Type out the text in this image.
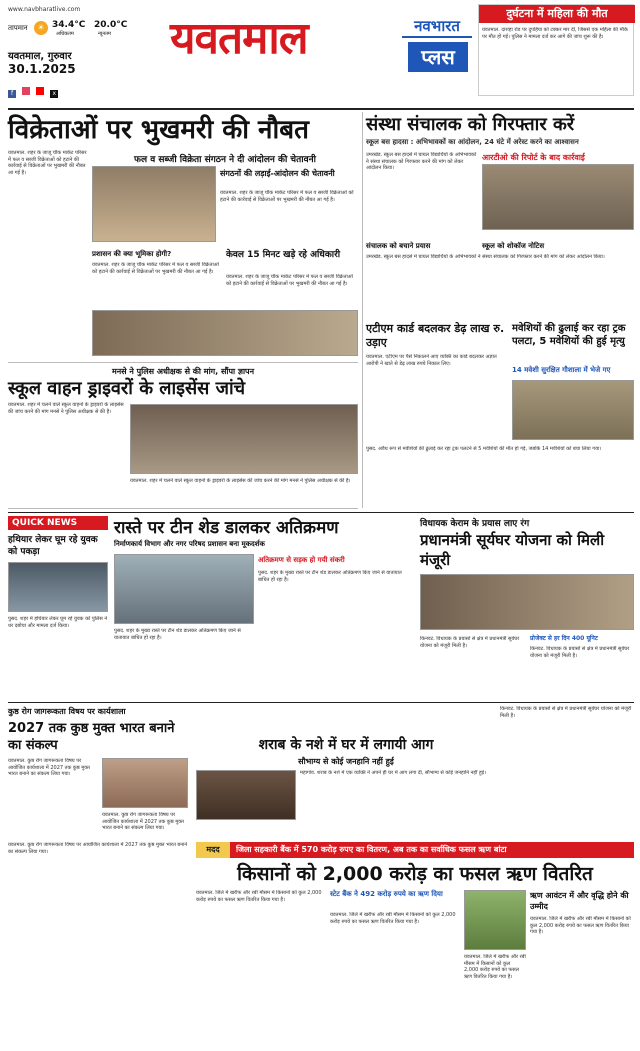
www.navbharatlive.com
तापमान	☀ 34.4°C
अधिकतम
20.0°C
न्यूनतम
यवतमाल, गुरुवार
30.1.2025
f	x
यवतमाल	नवभारत
प्लस
दुर्घटना में महिला की मौत
यवतमाल. दारव्हा रोड पर दुपहिया को टक्कर मार दी, जिससे एक महिला की मौके पर मौत हो गई। पुलिस ने मामला दर्ज कर आगे की जांच शुरू की है।
विक्रेताओं पर भुखमरी की नौबत
यवतमाल. शहर के जाजू चौक मार्केट परिसर में फल व सब्जी विक्रेताओं को हटाने की कार्रवाई से विक्रेताओं पर भुखमरी की नौबत आ गई है।
फल व सब्जी विक्रेता संगठन ने दी आंदोलन की चेतावनी
संगठनों की लड़ाई-आंदोलन की चेतावनी
यवतमाल. शहर के जाजू चौक मार्केट परिसर में फल व सब्जी विक्रेताओं को हटाने की कार्रवाई से विक्रेताओं पर भुखमरी की नौबत आ गई है।
प्रशासन की क्या भूमिका होगी?
यवतमाल. शहर के जाजू चौक मार्केट परिसर में फल व सब्जी विक्रेताओं को हटाने की कार्रवाई से विक्रेताओं पर भुखमरी की नौबत आ गई है।
केवल 15 मिनट खड़े रहे अधिकारी
यवतमाल. शहर के जाजू चौक मार्केट परिसर में फल व सब्जी विक्रेताओं को हटाने की कार्रवाई से विक्रेताओं पर भुखमरी की नौबत आ गई है।
मनसे ने पुलिस अधीक्षक से की मांग, सौंपा ज्ञापन
स्कूल वाहन ड्राइवरों के लाइसेंस जांचे
यवतमाल. शहर में चलने वाले स्कूल वाहनों के ड्राइवरों के लाइसेंस की जांच करने की मांग मनसे ने पुलिस अधीक्षक से की है।
यवतमाल. शहर में चलने वाले स्कूल वाहनों के ड्राइवरों के लाइसेंस की जांच करने की मांग मनसे ने पुलिस अधीक्षक से की है।
संस्था संचालक को गिरफ्तार करें
स्कूल बस हादसा : अभिभावकों का आंदोलन, 24 घंटे में अरेस्ट करने का आश्वासन
उमरखेड. स्कूल बस हादसे में घायल विद्यार्थियों के अभिभावकों ने संस्था संचालक को गिरफ्तार करने की मांग को लेकर आंदोलन किया।
आरटीओ की रिपोर्ट के बाद कार्रवाई
संचालक को बचाने प्रयास	स्कूल को शोकॉज नोटिस
उमरखेड. स्कूल बस हादसे में घायल विद्यार्थियों के अभिभावकों ने संस्था संचालक को गिरफ्तार करने की मांग को लेकर आंदोलन किया।
एटीएम कार्ड बदलकर डेढ़ लाख रु. उड़ाए
यवतमाल. एटीएम पर पैसे निकालने आए व्यक्ति का कार्ड बदलकर अज्ञात आरोपी ने खाते से डेढ़ लाख रुपये निकाल लिए।
मवेशियों की ढुलाई कर रहा ट्रक पलटा, 5 मवेशियों की हुई मृत्यु
14 मवेशी सुरक्षित गौशाला में भेजे गए
पुसद. अवैध रूप से मवेशियों की ढुलाई कर रहा ट्रक पलटने से 5 मवेशियों की मौत हो गई, जबकि 14 मवेशियों को बचा लिया गया।
QUICK NEWS
हथियार लेकर घूम रहे युवक को पकड़ा
पुसद. शहर में हथियार लेकर घूम रहे युवक को पुलिस ने धर दबोचा और मामला दर्ज किया।
रास्ते पर टीन शेड डालकर अतिक्रमण
निर्माणकार्य विभाग और नगर परिषद प्रशासन बना मूकदर्शक
अतिक्रमण से सड़क हो गयी संकरी
पुसद. शहर के मुख्य रास्ते पर टीन शेड डालकर अतिक्रमण किए जाने से यातायात बाधित हो रहा है।
पुसद. शहर के मुख्य रास्ते पर टीन शेड डालकर अतिक्रमण किए जाने से यातायात बाधित हो रहा है।
विधायक केराम के प्रयास लाए रंग
प्रधानमंत्री सूर्यघर योजना को मिली मंजूरी
प्रोजेक्ट से हर दिन 400 यूनिट
किनवट. विधायक के प्रयासों से क्षेत्र में प्रधानमंत्री सूर्यघर योजना को मंजूरी मिली है।
किनवट. विधायक के प्रयासों से क्षेत्र में प्रधानमंत्री सूर्यघर योजना को मंजूरी मिली है।
कुष्ठ रोग जागरूकता विषय पर कार्यशाला
2027 तक कुष्ठ मुक्त भारत बनाने का संकल्प
यवतमाल. कुष्ठ रोग जागरूकता विषय पर आयोजित कार्यशाला में 2027 तक कुष्ठ मुक्त भारत बनाने का संकल्प लिया गया।
यवतमाल. कुष्ठ रोग जागरूकता विषय पर आयोजित कार्यशाला में 2027 तक कुष्ठ मुक्त भारत बनाने का संकल्प लिया गया।
शराब के नशे में घर में लगायी आग
सौभाग्य से कोई जनहानि नहीं हुई
महागांव. शराब के नशे में एक व्यक्ति ने अपने ही घर में आग लगा दी, सौभाग्य से कोई जनहानि नहीं हुई।
किनवट. विधायक के प्रयासों से क्षेत्र में प्रधानमंत्री सूर्यघर योजना को मंजूरी मिली है।
मदद	जिला सहकारी बैंक में 570 करोड़ रुपए का वितरण, अब तक का सर्वाधिक फसल ऋण बांटा
किसानों को 2,000 करोड़ का फसल ऋण वितरित
यवतमाल. कुष्ठ रोग जागरूकता विषय पर आयोजित कार्यशाला में 2027 तक कुष्ठ मुक्त भारत बनाने का संकल्प लिया गया।
यवतमाल. जिले में खरीफ और रबी मौसम में किसानों को कुल 2,000 करोड़ रुपये का फसल ऋण वितरित किया गया है।
स्टेट बैंक ने 492 करोड़ रुपये का ऋण दिया
यवतमाल. जिले में खरीफ और रबी मौसम में किसानों को कुल 2,000 करोड़ रुपये का फसल ऋण वितरित किया गया है।
ऋण आवंटन में और वृद्धि होने की उम्मीद
यवतमाल. जिले में खरीफ और रबी मौसम में किसानों को कुल 2,000 करोड़ रुपये का फसल ऋण वितरित किया गया है।
यवतमाल. जिले में खरीफ और रबी मौसम में किसानों को कुल 2,000 करोड़ रुपये का फसल ऋण वितरित किया गया है।
